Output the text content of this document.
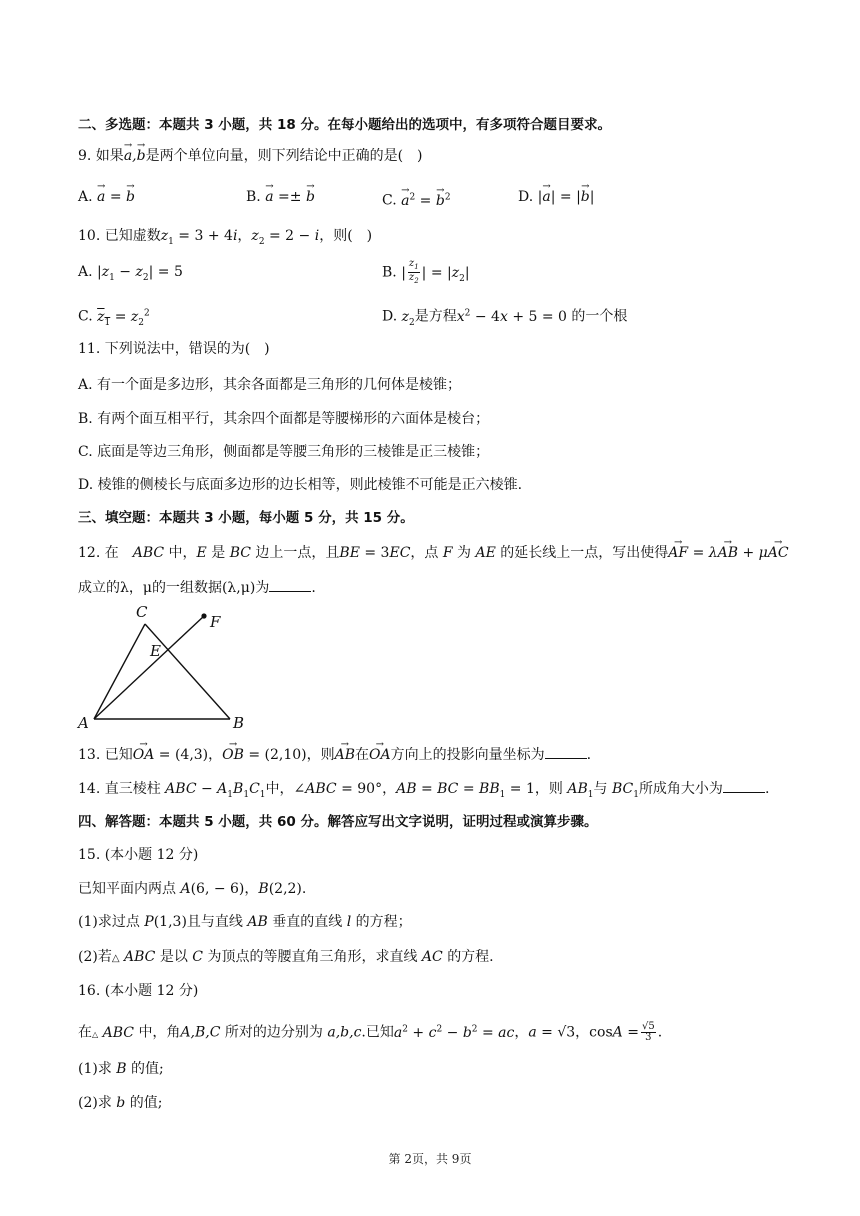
二、多选题：本题共 3 小题，共 18 分。在每小题给出的选项中，有多项符合题目要求。
9. 如果→ a,→ b是两个单位向量，则下列结论中正确的是(　)
A. → a = → b	B. → a =± → b	C. → $a^2$ = → $b^2$	D. |→ a| = |→ b|
10. 已知虚数$z_1 = 3 + 4i$，$z_2 = 2 - i$，则(　)
A. $|z_1 - z_2| = 5$	B. | $\frac{z_1}{z_2}$ | = $|z_2|$
C. $z_1 = z_2^2$	D. $z_2$是方程$x^2 - 4x + 5 = 0$ 的一个根
11. 下列说法中，错误的为(　)
A. 有一个面是多边形，其余各面都是三角形的几何体是棱锥；
B. 有两个面互相平行，其余四个面都是等腰梯形的六面体是棱台；
C. 底面是等边三角形，侧面都是等腰三角形的三棱锥是正三棱锥；
D. 棱锥的侧棱长与底面多边形的边长相等，则此棱锥不可能是正六棱锥.
三、填空题：本题共 3 小题，每小题 5 分，共 15 分。
12. 在　 ABC 中，E 是 BC 边上一点，且BE = 3EC，点 F 为 AE 的延长线上一点，写出使得→ AF = λ→ AB + μ→ AC
成立的λ，μ的一组数据(λ,μ)为	.
C
E
F
A	B
13. 已知→ OA = (4,3)，→ OB = (2,10)，则→ AB在→ OA方向上的投影向量坐标为	.
14. 直三棱柱 ABC − $A_1B_1C_1$中，∠ABC = 90°，AB = BC = $BB_1 = 1$，则 $AB_1$与 $BC_1$所成角大小为	.
四、解答题：本题共 5 小题，共 60 分。解答应写出文字说明，证明过程或演算步骤。
15. (本小题 12 分)
已知平面内两点 A(6, − 6)，B(2,2).
(1)求过点 P(1,3)且与直线 AB 垂直的直线 l 的方程；
(2)若△ ABC 是以 C 为顶点的等腰直角三角形，求直线 AC 的方程.
16. (本小题 12 分)
在△ ABC 中，角A,B,C 所对的边分别为 a,b,c.已知$a^2 + c^2 - b^2$ = ac，a = √3，$\cos A = \frac{√5}{3}$ .
(1)求 B 的值;
(2)求 b 的值;
第 2页，共 9页
